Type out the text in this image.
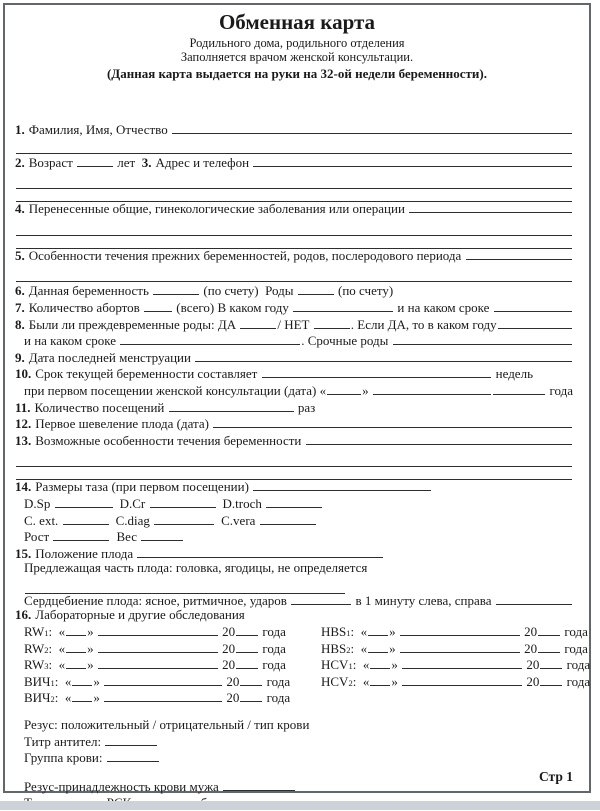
Обменная карта
Родильного дома, родильного отделения
Заполняется врачом женской консультации.
(Данная карта выдается на руки на 32-ой недели беременности).
1. Фамилия, Имя, Отчество
2. Возраст	лет 3. Адрес и телефон
4. Перенесенные общие, гинекологические заболевания или операции
5. Особенности течения прежних беременностей, родов, послеродового периода
6. Данная беременность	(по счету)  Роды	(по счету)
7. Количество абортов (всего) В каком году	и на каком сроке
8. Были ли преждевременные роды: ДА	/ НЕТ	. Если ДА, то в каком году
и на каком сроке	. Срочные роды
9. Дата последней менструации
10. Срок текущей беременности составляет	недель
при первом посещении женской консультации (дата) «	»	года
11. Количество посещений	раз
12. Первое шевеление плода (дата)
13. Возможные особенности течения беременности
14. Размеры таза (при первом посещении)
D.Sp	D.Cr	D.troch
C. ext.	C.diag	C.vera
Рост	Вес
15. Положение плода
Предлежащая часть плода: головка, ягодицы, не определяется
Сердцебиение плода: ясное, ритмичное, ударов	в 1 минуту слева, справа
16. Лабораторные и другие обследования
RW 1 :  « »	20 года	HBS 1 :  « »	20 года
RW 2 :  « »	20 года	HBS 2 :  « »	20 года
RW 3 :  « »	20 года	HCV 1 :  « »	20 года
ВИЧ 1 :  « »	20 года HCV 2 :  « »	20 года
ВИЧ 2 :  « »	20 года
Резус: положительный / отрицательный / тип крови
Титр антител:
Группа крови:
Резус-принадлежность крови мужа
Стр 1
